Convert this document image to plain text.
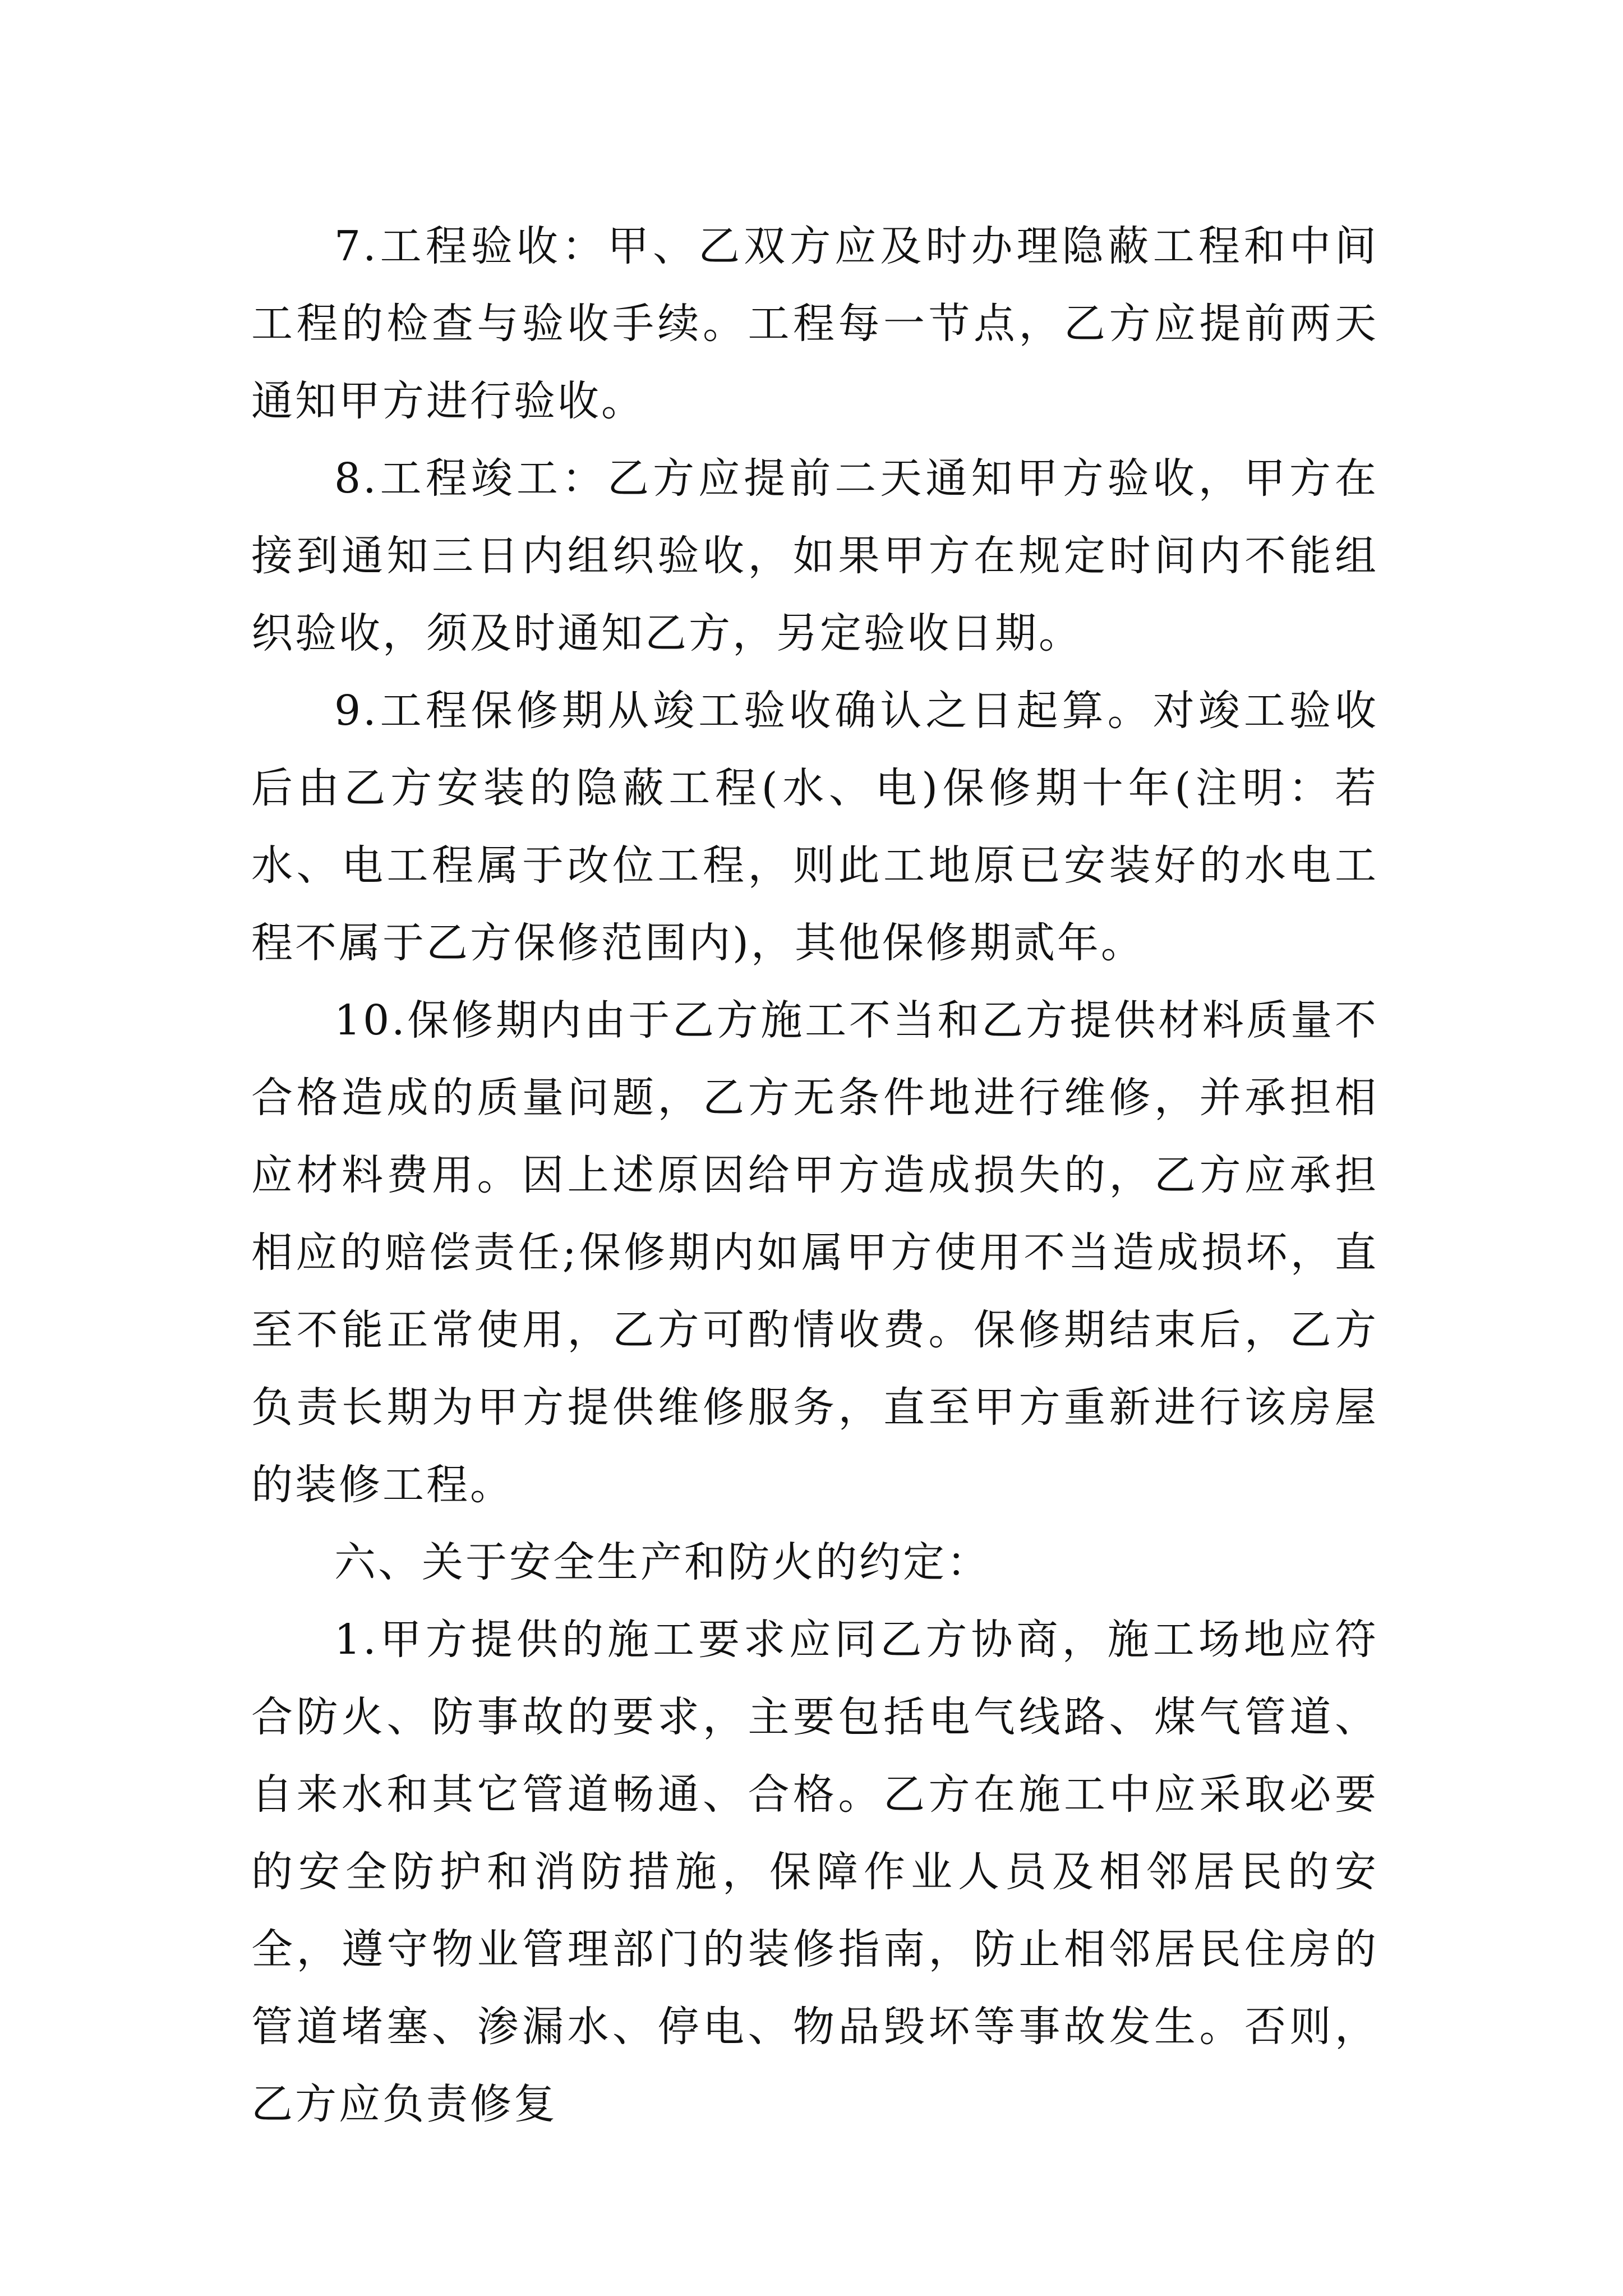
7.工程验收：甲、乙双方应及时办理隐蔽工程和中间工程的检查与验收手续。工程每一节点，乙方应提前两天通知甲方进行验收。

8.工程竣工：乙方应提前二天通知甲方验收，甲方在接到通知三日内组织验收，如果甲方在规定时间内不能组织验收，须及时通知乙方，另定验收日期。

9.工程保修期从竣工验收确认之日起算。对竣工验收后由乙方安装的隐蔽工程(水、电)保修期十年(注明：若水、电工程属于改位工程，则此工地原已安装好的水电工程不属于乙方保修范围内)，其他保修期贰年。

10.保修期内由于乙方施工不当和乙方提供材料质量不合格造成的质量问题，乙方无条件地进行维修，并承担相应材料费用。因上述原因给甲方造成损失的，乙方应承担相应的赔偿责任;保修期内如属甲方使用不当造成损坏，直至不能正常使用，乙方可酌情收费。保修期结束后，乙方负责长期为甲方提供维修服务，直至甲方重新进行该房屋的装修工程。

六、关于安全生产和防火的约定：

1.甲方提供的施工要求应同乙方协商，施工场地应符合防火、防事故的要求，主要包括电气线路、煤气管道、自来水和其它管道畅通、合格。乙方在施工中应采取必要的安全防护和消防措施，保障作业人员及相邻居民的安全，遵守物业管理部门的装修指南，防止相邻居民住房的管道堵塞、渗漏水、停电、物品毁坏等事故发生。否则，乙方应负责修复
